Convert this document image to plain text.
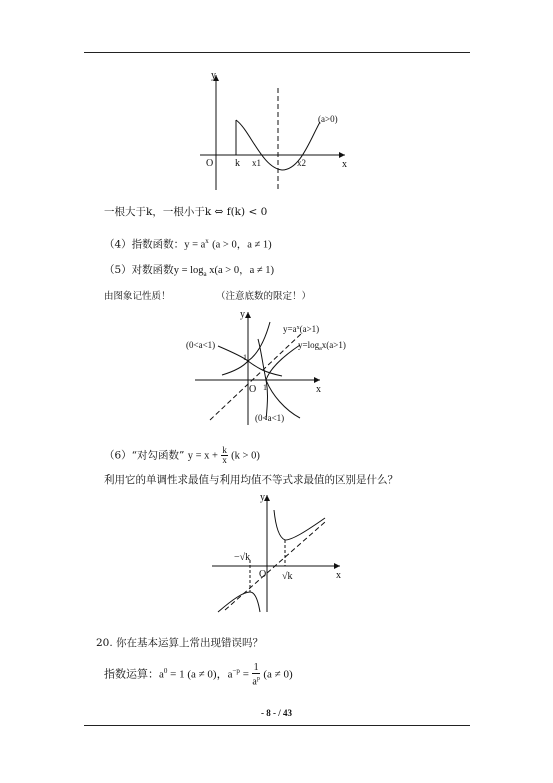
y
x
O k x1	x2
(a>0)
一根大于k，一根小于k ⇔ f(k) < 0
（4）指数函数：$y = a^x$ (a > 0，a ≠ 1)
（5）对数函数$y = \log_a x(a > 0$，a ≠ 1)
由图象记性质！	（注意底数的限定！）
y
x
O
1
1
$y=a^x(a>1)$
$y=\log_ax(a>1)$
(0<a<1)
(0<a<1)
（6）“对勾函数” $y = x + \frac{k}{x} (k > 0)$
利用它的单调性求最值与利用均值不等式求最值的区别是什么？
y
x
O
−√k
√k
20. 你在基本运算上常出现错误吗？
指数运算：$a^0 = 1$ (a ≠ 0)，$a^{-p} = \frac{1}{a^p} (a \ne 0)$
- 8 - / 43
